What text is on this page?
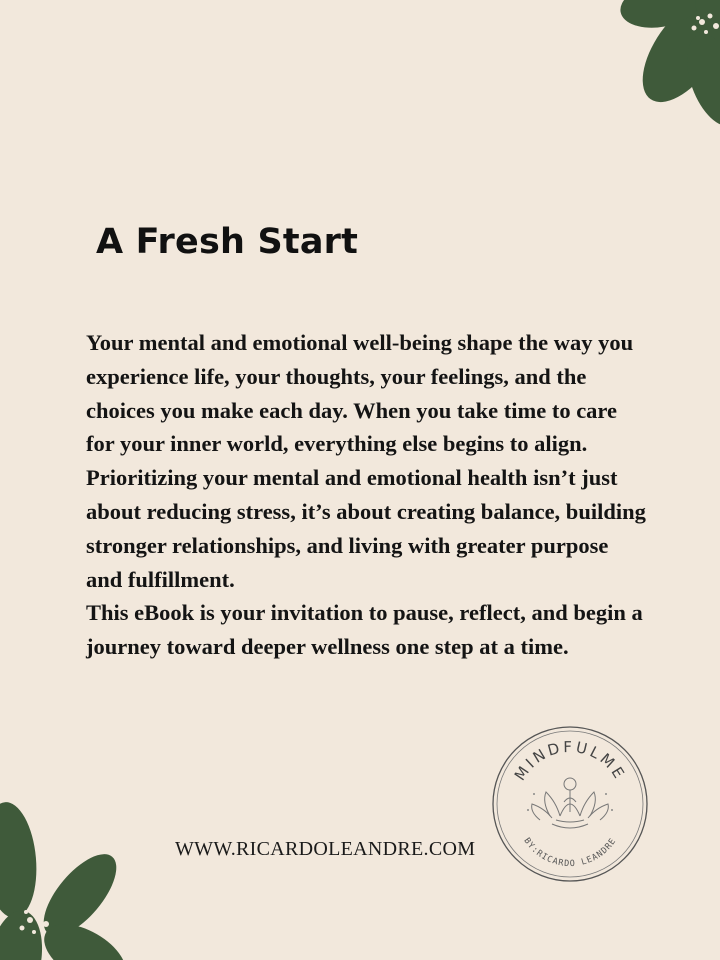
A Fresh Start

Your mental and emotional well-being shape the way you experience life, your thoughts, your feelings, and the choices you make each day. When you take time to care for your inner world, everything else begins to align.

Prioritizing your mental and emotional health isn’t just about reducing stress, it’s about creating balance, building stronger relationships, and living with greater purpose and fulfillment.

This eBook is your invitation to pause, reflect, and begin a journey toward deeper wellness one step at a time.

WWW.RICARDOLEANDRE.COM
MINDFULME
BY:RICARDO LEANDRE
